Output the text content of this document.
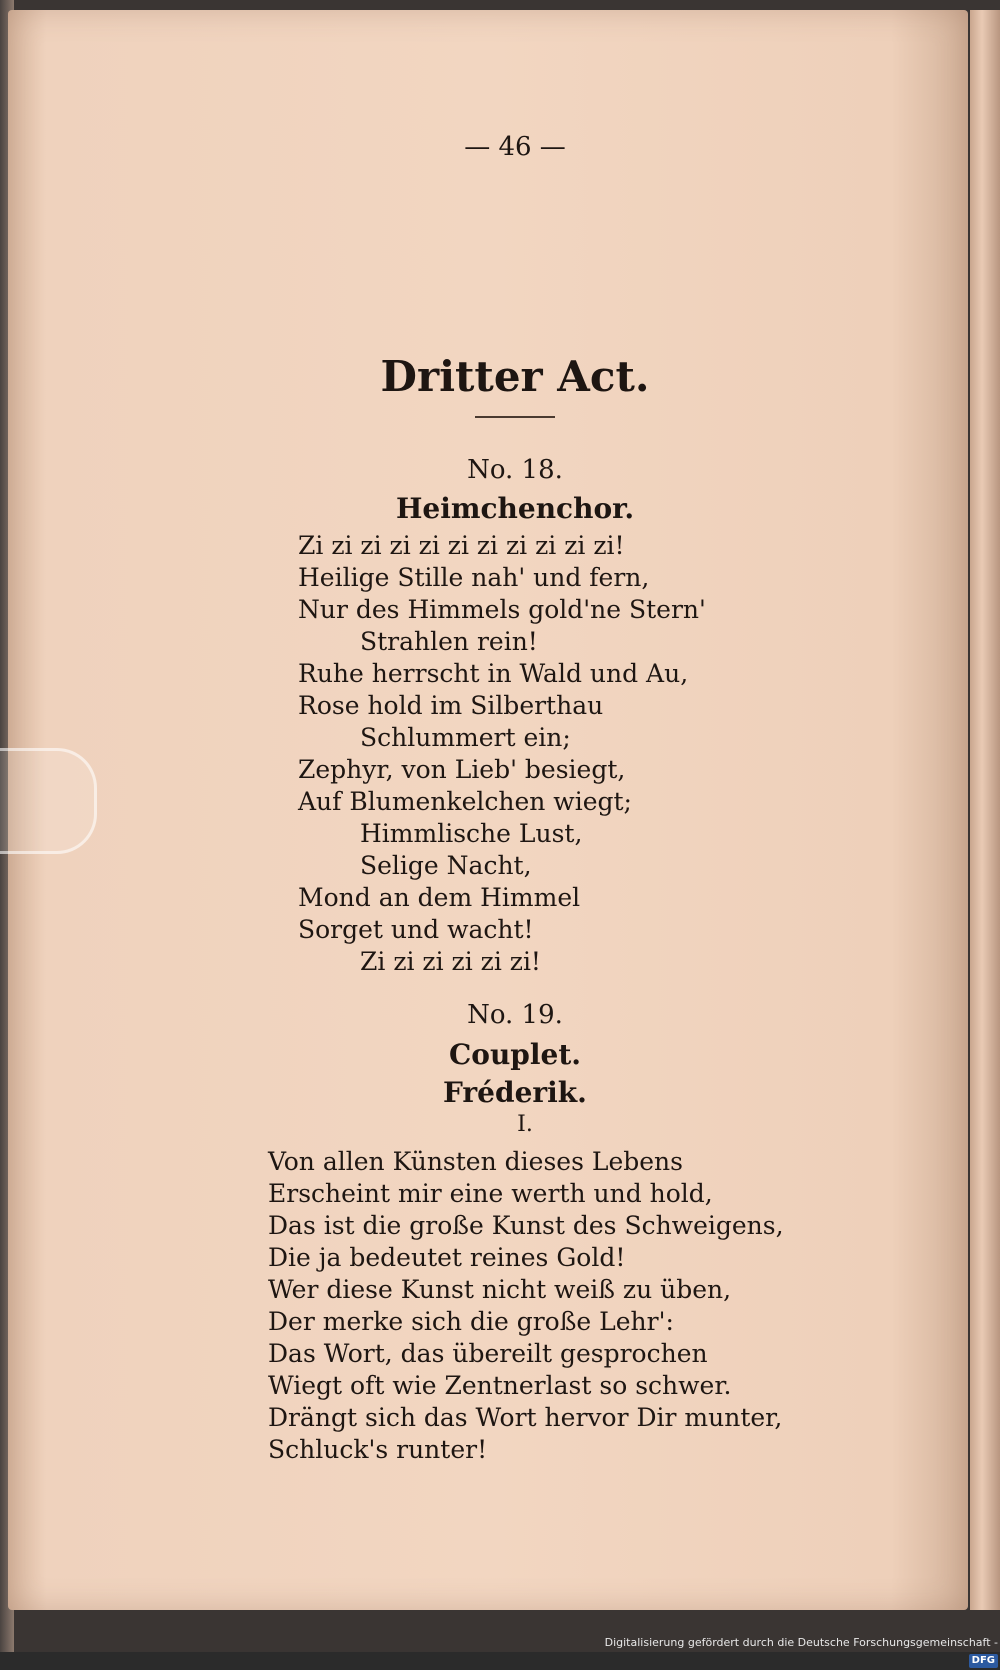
— 46 —
Dritter Act.
No. 18.
Heimchenchor.
Zi zi zi zi zi zi zi zi zi zi zi!
Heilige Stille nah' und fern,
Nur des Himmels gold'ne Stern'
Strahlen rein!
Ruhe herrscht in Wald und Au,
Rose hold im Silberthau
Schlummert ein;
Zephyr, von Lieb' besiegt,
Auf Blumenkelchen wiegt;
Himmlische Lust,
Selige Nacht,
Mond an dem Himmel
Sorget und wacht!
Zi zi zi zi zi zi!
No. 19.
Couplet.
Fréderik.
I.
Von allen Künsten dieses Lebens
Erscheint mir eine werth und hold,
Das ist die große Kunst des Schweigens,
Die ja bedeutet reines Gold!
Wer diese Kunst nicht weiß zu üben,
Der merke sich die große Lehr':
Das Wort, das übereilt gesprochen
Wiegt oft wie Zentnerlast so schwer.
Drängt sich das Wort hervor Dir munter,
Schluck's runter!
Digitalisierung gefördert durch die Deutsche Forschungsgemeinschaft -DFG
